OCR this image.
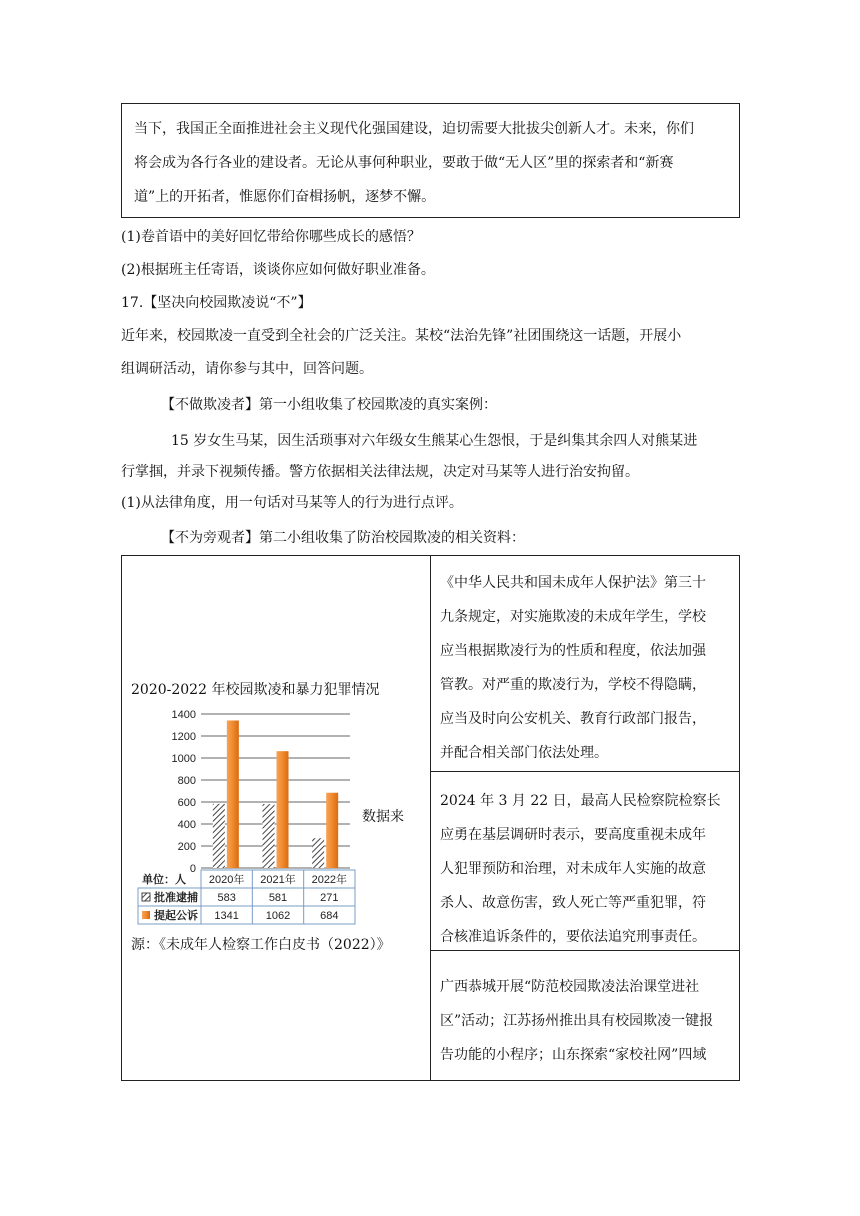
当下，我国正全面推进社会主义现代化强国建设，迫切需要大批拔尖创新人才。未来，你们
将会成为各行各业的建设者。无论从事何种职业，要敢于做“无人区”里的探索者和“新赛
道”上的开拓者，惟愿你们奋楫扬帆，逐梦不懈。
(1)卷首语中的美好回忆带给你哪些成长的感悟？
(2)根据班主任寄语，谈谈你应如何做好职业准备。
17.【坚决向校园欺凌说“不”】
近年来，校园欺凌一直受到全社会的广泛关注。某校“法治先锋”社团围绕这一话题，开展小
组调研活动，请你参与其中，回答问题。
【不做欺凌者】第一小组收集了校园欺凌的真实案例：
15 岁女生马某，因生活琐事对六年级女生熊某心生怨恨，于是纠集其余四人对熊某进
行掌掴，并录下视频传播。警方依据相关法律法规，决定对马某等人进行治安拘留。
(1)从法律角度，用一句话对马某等人的行为进行点评。
【不为旁观者】第二小组收集了防治校园欺凌的相关资料：
2020-2022 年校园欺凌和暴力犯罪情况
0
200
400
600
800
1000
1200
1400
单位：人 2020年 2021年 2022年
批准逮捕 583	581	271
提起公诉 1341 1062	684
数据来
源：《未成年人检察工作白皮书（2022）》
《中华人民共和国未成年人保护法》第三十
九条规定，对实施欺凌的未成年学生，学校
应当根据欺凌行为的性质和程度，依法加强
管教。对严重的欺凌行为，学校不得隐瞒，
应当及时向公安机关、教育行政部门报告，
并配合相关部门依法处理。
2024 年 3 月 22 日，最高人民检察院检察长
应勇在基层调研时表示，要高度重视未成年
人犯罪预防和治理，对未成年人实施的故意
杀人、故意伤害，致人死亡等严重犯罪，符
合核准追诉条件的，要依法追究刑事责任。
广西恭城开展“防范校园欺凌法治课堂进社
区”活动；江苏扬州推出具有校园欺凌一键报
告功能的小程序；山东探索“家校社网”四域
